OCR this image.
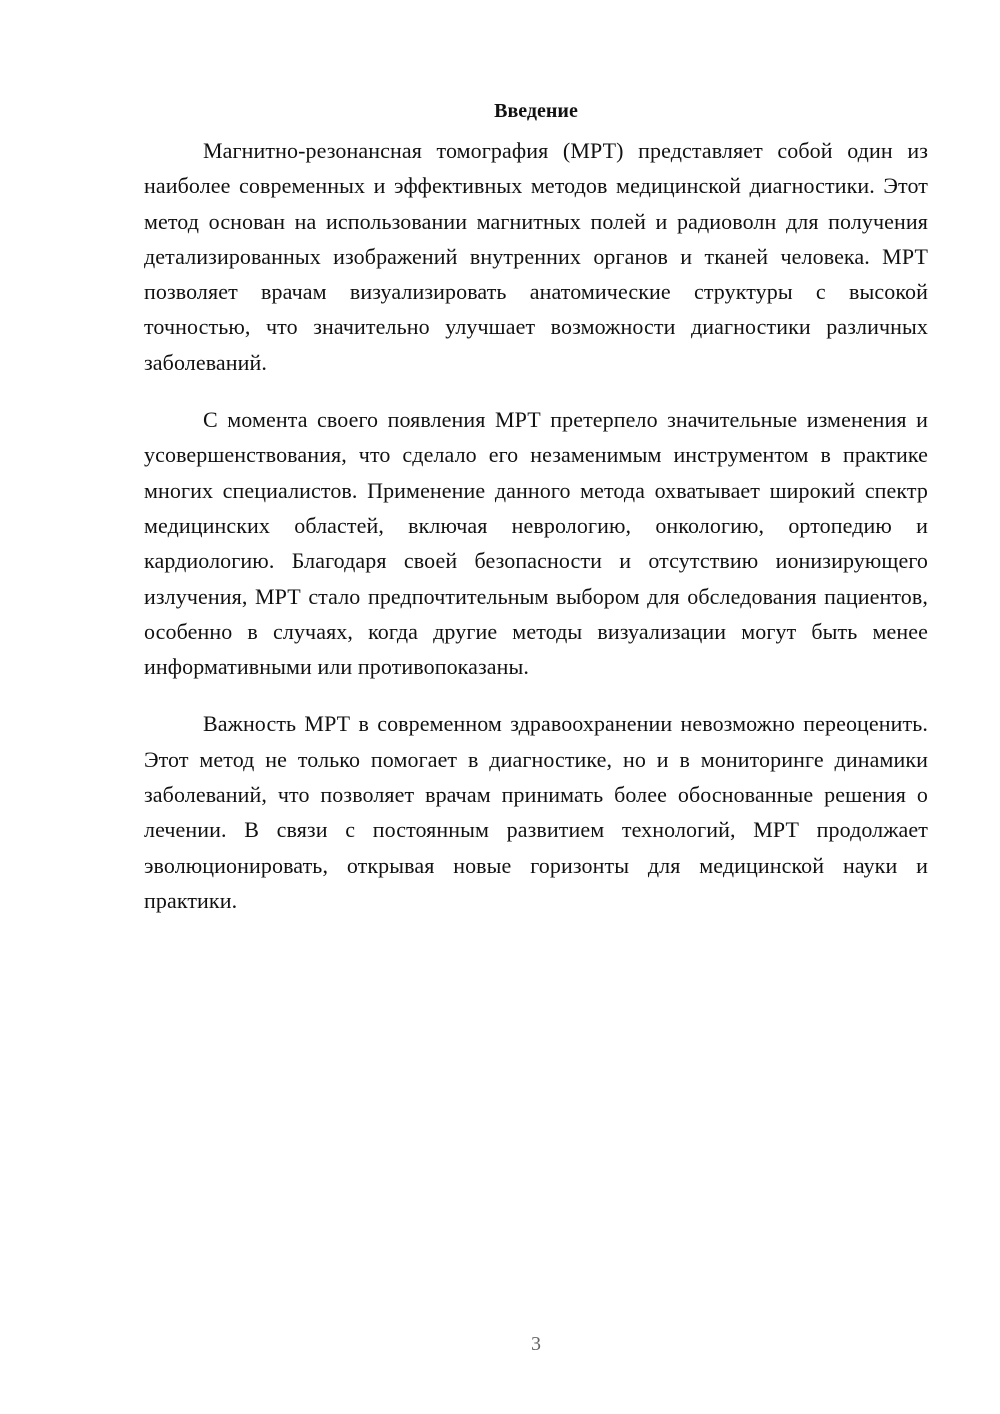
Введение

Магнитно-резонансная томография (МРТ) представляет собой один из наиболее современных и эффективных методов медицинской диагностики. Этот метод основан на использовании магнитных полей и радиоволн для получения детализированных изображений внутренних органов и тканей человека. МРТ позволяет врачам визуализировать анатомические структуры с высокой точностью, что значительно улучшает возможности диагностики различных заболеваний.

С момента своего появления МРТ претерпело значительные изменения и усовершенствования, что сделало его незаменимым инструментом в практике многих специалистов. Применение данного метода охватывает широкий спектр медицинских областей, включая неврологию, онкологию, ортопедию и кардиологию. Благодаря своей безопасности и отсутствию ионизирующего излучения, МРТ стало предпочтительным выбором для обследования пациентов, особенно в случаях, когда другие методы визуализации могут быть менее информативными или противопоказаны.

Важность МРТ в современном здравоохранении невозможно переоценить. Этот метод не только помогает в диагностике, но и в мониторинге динамики заболеваний, что позволяет врачам принимать более обоснованные решения о лечении. В связи с постоянным развитием технологий, МРТ продолжает эволюционировать, открывая новые горизонты для медицинской науки и практики.

3
